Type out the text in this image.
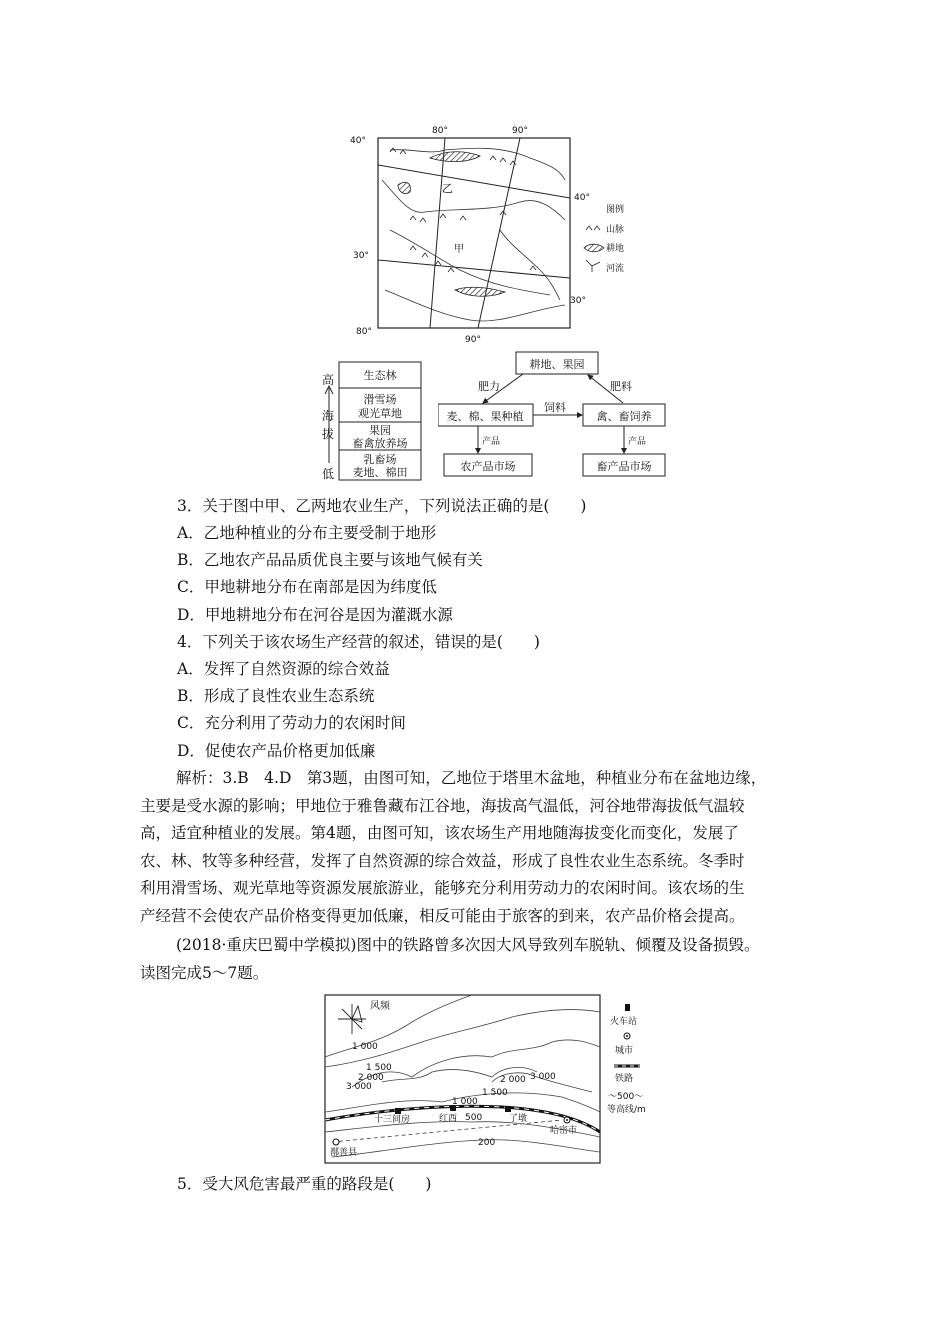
40°
30°
80°
80°	90°
40°
30°
90°
乙
甲
图例
山脉
耕地
河流
高
海
拔
低
生态林
滑雪场
观光草地
果园
畜禽放养场
乳畜场
麦地、棉田
耕地、果园
麦、棉、果种植	禽、畜饲养
农产品市场	畜产品市场
肥力	肥料
饲料
产品	产品
3．关于图中甲、乙两地农业生产，下列说法正确的是(　　)
A．乙地种植业的分布主要受制于地形
B．乙地农产品品质优良主要与该地气候有关
C．甲地耕地分布在南部是因为纬度低
D．甲地耕地分布在河谷是因为灌溉水源
4．下列关于该农场生产经营的叙述，错误的是(　　)
A．发挥了自然资源的综合效益
B．形成了良性农业生态系统
C．充分利用了劳动力的农闲时间
D．促使农产品价格更加低廉
解析：3.B　4.D　第3题，由图可知，乙地位于塔里木盆地，种植业分布在盆地边缘，
主要是受水源的影响；甲地位于雅鲁藏布江谷地，海拔高气温低，河谷地带海拔低气温较
高，适宜种植业的发展。第4题，由图可知，该农场生产用地随海拔变化而变化，发展了
农、林、牧等多种经营，发挥了自然资源的综合效益，形成了良性农业生态系统。冬季时
利用滑雪场、观光草地等资源发展旅游业，能够充分利用劳动力的农闲时间。该农场的生
产经营不会使农产品价格变得更加低廉，相反可能由于旅客的到来，农产品价格会提高。
(2018·重庆巴蜀中学模拟)图中的铁路曾多次因大风导致列车脱轨、倾覆及设备损毁。
读图完成5～7题。
风频
1 000
1 500
2 000
3 000
2 000 3 000
1 500
1 000
500
200
十三间房	红西	了墩
哈密市
鄯善县
火车站
城市
铁路
～500～
等高线/m
5．受大风危害最严重的路段是(　　)
